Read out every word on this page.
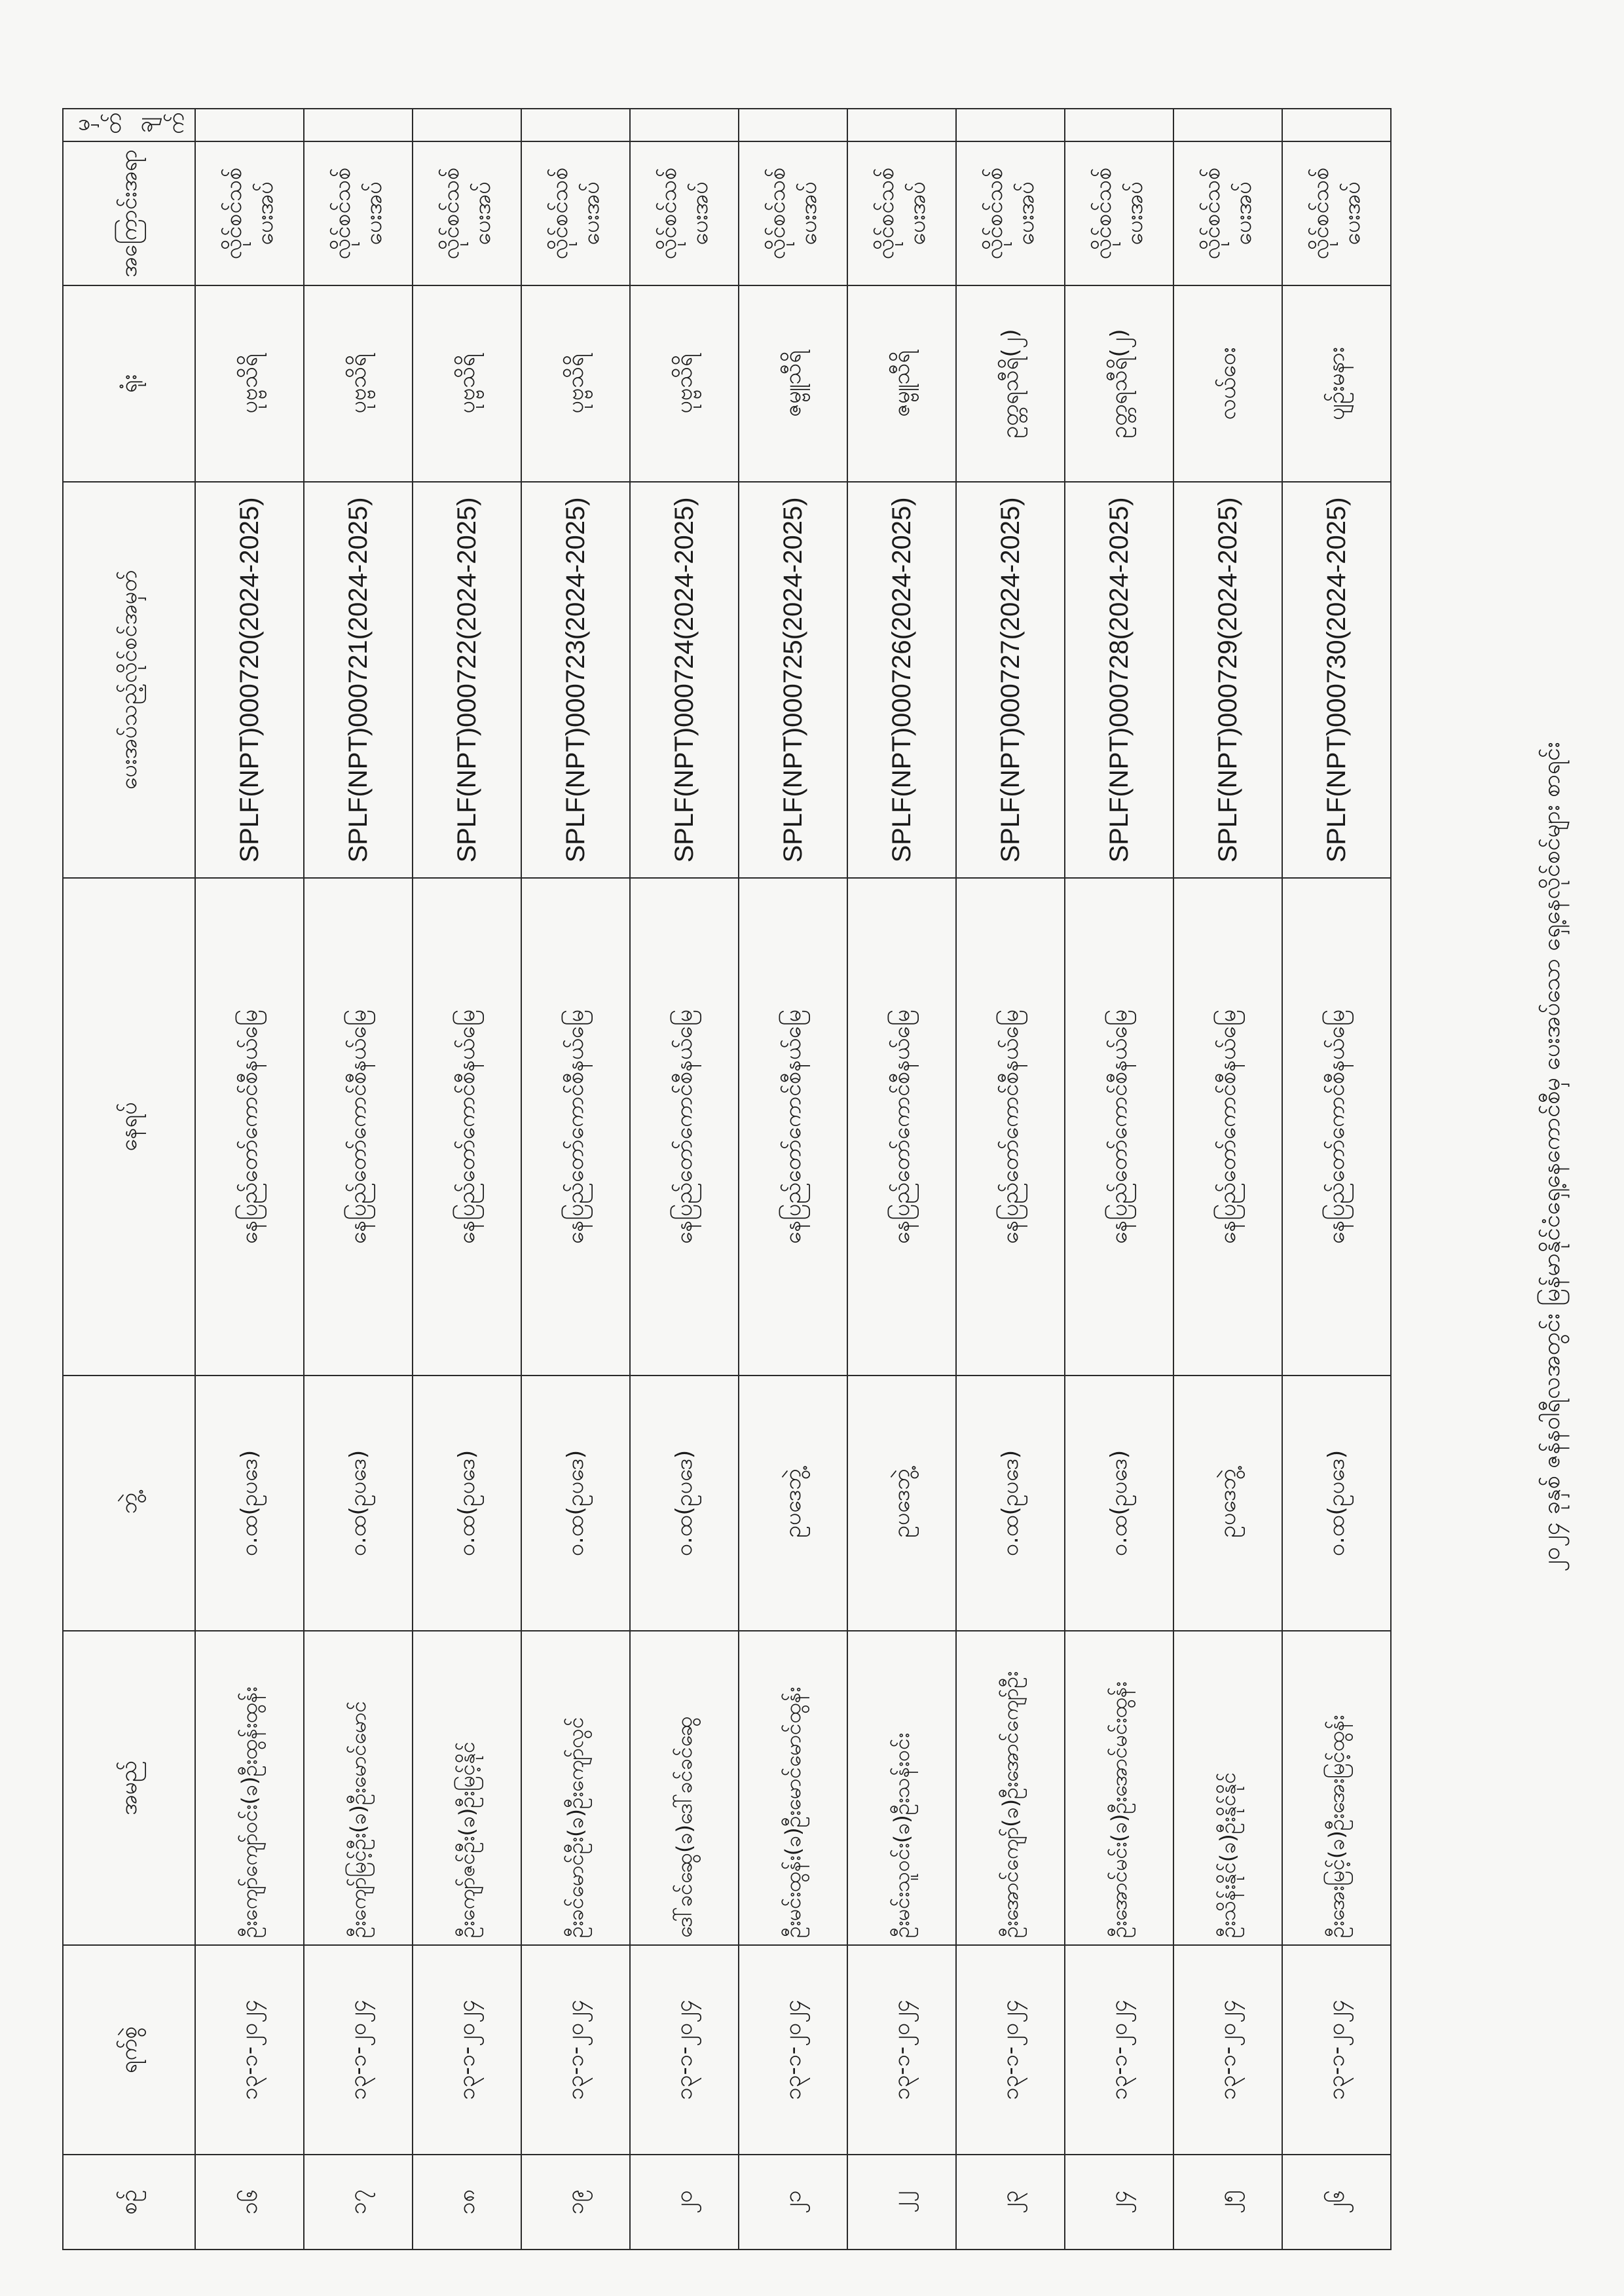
၂၀၂၄ ခုနှစ် ဇန်နဝါရီလအတွင်း မြန်မာနိုင်ငံရှေ့နေကောင်စီမှ ပေးအပ်သော ရှေ့နေလိုင်စင်များ စာရင်း
စဉ်	ရက်စွဲ	အမည်	ဘွဲ့	နေရပ်	ပေးအပ်သည့်လိုင်စင်အမှတ်	ရုံး	အကြောင်းအရာ	မှတ်ချက်
၁၆	၁၃-၁-၂၀၂၄	ဦးကျော်ကျော်ဝင်း(ခ)ဦးထွန်းထွန်း	ဝ.ထ(ဥပဒေ)	နေပြည်တော်ကောင်စီနယ်မြေ	SPLF(NPT)000720(2024-2025)	ပုဗ္ဗသိရိ	လိုင်စင်သစ် ပေးအပ်	
၁၇	၁၃-၁-၂၀၂၄	ဦးကျော်မြင့်ဦး(ခ)ဦးမောင်မောင်	ဝ.ထ(ဥပဒေ)	နေပြည်တော်ကောင်စီနယ်မြေ	SPLF(NPT)000721(2024-2025)	ပုဗ္ဗသိရိ	လိုင်စင်သစ် ပေးအပ်	
၁၈	၁၃-၁-၂၀၂၄	ဦးကျော်ဇင်ဦး(ခ)ဦးမြင့်နိုင်	ဝ.ထ(ဥပဒေ)	နေပြည်တော်ကောင်စီနယ်မြေ	SPLF(NPT)000722(2024-2025)	ပုဗ္ဗသိရိ	လိုင်စင်သစ် ပေးအပ်	
၁၉	၁၃-၁-၂၀၂၄	ဦးခင်မောင်ဦး(ခ)ဦးကျော်လွင်	ဝ.ထ(ဥပဒေ)	နေပြည်တော်ကောင်စီနယ်မြေ	SPLF(NPT)000723(2024-2025)	ပုဗ္ဗသိရိ	လိုင်စင်သစ် ပေးအပ်	
၂၀	၁၃-၁-၂၀၂၄	ဒေါ်ခင်ဆွေ(ခ)ဒေါ်ခင်ခင်ဆွေ	ဝ.ထ(ဥပဒေ)	နေပြည်တော်ကောင်စီနယ်မြေ	SPLF(NPT)000724(2024-2025)	ပုဗ္ဗသိရိ	လိုင်စင်သစ် ပေးအပ်	
၂၁	၁၃-၁-၂၀၂၄	ဦးမင်းထွန်း(ခ)ဦးမောင်မောင်ထွန်း	ဥပဒေဘွဲ့	နေပြည်တော်ကောင်စီနယ်မြေ	SPLF(NPT)000725(2024-2025)	ဇမ္ဗူသီရိ	လိုင်စင်သစ် ပေးအပ်	
၂၂	၁၃-၁-၂၀၂၄	ဦးမင်းသူဝင်း(ခ)ဦးသန်းဝင်း	ဥပဒေဘွဲ့	နေပြည်တော်ကောင်စီနယ်မြေ	SPLF(NPT)000726(2024-2025)	ဇမ္ဗူသီရိ	လိုင်စင်သစ် ပေးအပ်	
၂၃	၁၃-၁-၂၀၂၄	ဦးအောင်ကျော်(ခ)ဦးအောင်ကျော်ဦး	ဝ.ထ(ဥပဒေ)	နေပြည်တော်ကောင်စီနယ်မြေ	SPLF(NPT)000727(2024-2025)	ဥတ္တရသီရိ(၂)	လိုင်စင်သစ် ပေးအပ်	
၂၄	၁၃-၁-၂၀၂၄	ဦးအောင်မင်း(ခ)ဦးအောင်မင်းထွန်း	ဝ.ထ(ဥပဒေ)	နေပြည်တော်ကောင်စီနယ်မြေ	SPLF(NPT)000728(2024-2025)	ဥတ္တရသီရိ(၂)	လိုင်စင်သစ် ပေးအပ်	
၂၅	၁၃-၁-၂၀၂၄	ဦးသိန်းနိုင်(ခ)ဦးနိုင်နိုင်	ဥပဒေဘွဲ့	နေပြည်တော်ကောင်စီနယ်မြေ	SPLF(NPT)000729(2024-2025)	လယ်ဝေး	လိုင်စင်သစ် ပေးအပ်	
၂၆	၁၃-၁-၂၀၂၄	ဦးအေးမြင့်(ခ)ဦးအေးမြင့်ထွန်း	ဝ.ထ(ဥပဒေ)	နေပြည်တော်ကောင်စီနယ်မြေ	SPLF(NPT)000730(2024-2025)	ပျဉ်းမနား	လိုင်စင်သစ် ပေးအပ်	
